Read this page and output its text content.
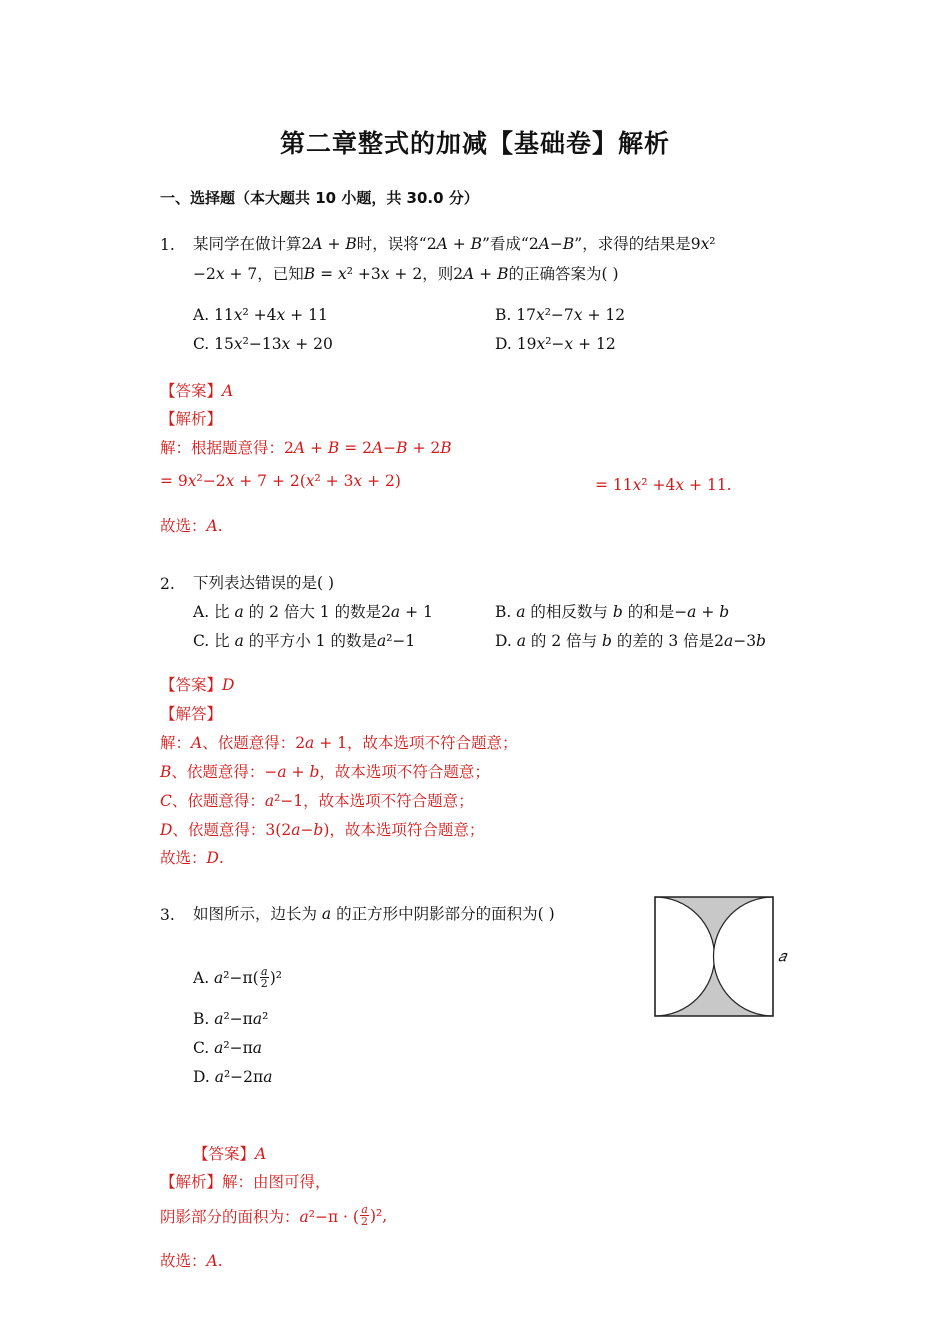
第二章整式的加减【基础卷】解析
一、选择题（本大题共 10 小题，共 30.0 分）
1. 某同学在做计算2𝐴 + 𝐵时，误将“2𝐴 + 𝐵”看成“2𝐴−𝐵”，求得的结果是9𝑥²
−2𝑥 + 7，已知𝐵 = 𝑥² +3𝑥 + 2，则2𝐴 + 𝐵的正确答案为( )
A. 11𝑥² +4𝑥 + 11	B. 17𝑥²−7𝑥 + 12
C. 15𝑥²−13𝑥 + 20	D. 19𝑥²−𝑥 + 12
【答案】𝐴
【解析】
解：根据题意得：2𝐴 + 𝐵 = 2𝐴−𝐵 + 2𝐵
= 9𝑥²−2𝑥 + 7 + 2(𝑥² + 3𝑥 + 2)	= 11𝑥² +4𝑥 + 11.
故选：𝐴.
2. 下列表达错误的是( )
A. 比 𝑎 的 2 倍大 1 的数是2𝑎 + 1	B. 𝑎 的相反数与 𝑏 的和是−𝑎 + 𝑏
C. 比 𝑎 的平方小 1 的数是𝑎²−1	D. 𝑎 的 2 倍与 𝑏 的差的 3 倍是2𝑎−3𝑏
【答案】𝐷
【解答】
解：𝐴、依题意得：2𝑎 + 1，故本选项不符合题意；
𝐵、依题意得：−𝑎 + 𝑏，故本选项不符合题意；
𝐶、依题意得：𝑎²−1，故本选项不符合题意；
𝐷、依题意得：3(2𝑎−𝑏)，故本选项符合题意；
故选：𝐷.
3. 如图所示，边长为 𝑎 的正方形中阴影部分的面积为( )
𝑎
A. 𝑎²−π( 𝑎
2 )²
B. 𝑎²−π𝑎²
C. 𝑎²−π𝑎
D. 𝑎²−2π𝑎
【答案】𝐴
【解析】解：由图可得，
阴影部分的面积为：𝑎²−π · ( 𝑎
2 )²,
故选：𝐴.
